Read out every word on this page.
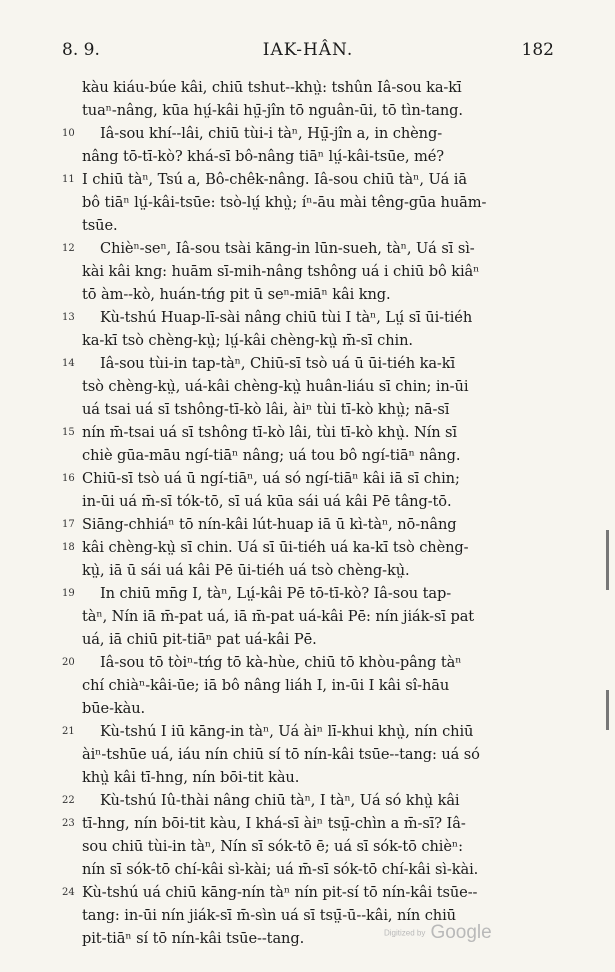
8. 9.	IAK-HÂN.	182
kàu kiáu-búe kâi, chiū tshut--khṳ̀: tshûn Iâ-sou ka-kī
tuaⁿ-nâng, kūa hṳ́-kâi hṳ̄-jîn tō nguân-ūi, tō tìn-tang.
10	Iâ-sou khí--lâi, chiū tùi-i tàⁿ, Hṳ̄-jîn a, in chèng-
nâng tō-tī-kò? khá-sī bô-nâng tiāⁿ lṳ́-kâi-tsūe, mé?
11 I chiū tàⁿ, Tsú a, Bô-chêk-nâng. Iâ-sou chiū tàⁿ, Uá iā
bô tiāⁿ lṳ́-kâi-tsūe: tsò-lṳ́ khṳ̀; íⁿ-āu mài têng-gūa huām-
tsūe.
12	Chièⁿ-seⁿ, Iâ-sou tsài kāng-in lūn-sueh, tàⁿ, Uá sī sì-
kài kâi kng: huām sī-mih-nâng tshông uá i chiū bô kiâⁿ
tō àm--kò, huán-tńg pit ū seⁿ-miāⁿ kâi kng.
13	Kù-tshú Huap-lī-sài nâng chiū tùi I tàⁿ, Lṳ́ sī ūi-tiéh
ka-kī tsò chèng-kṳ̀; lṳ́-kâi chèng-kṳ̀ m̄-sī chin.
14	Iâ-sou tùi-in tap-tàⁿ, Chiū-sī tsò uá ū ūi-tiéh ka-kī
tsò chèng-kṳ̀, uá-kâi chèng-kṳ̀ huân-liáu sī chin; in-ūi
uá tsai uá sī tshông-tī-kò lâi, àiⁿ tùi tī-kò khṳ̀; nā-sī
15 nín m̄-tsai uá sī tshông tī-kò lâi, tùi tī-kò khṳ̀. Nín sī
chiè gūa-māu ngí-tiāⁿ nâng; uá tou bô ngí-tiāⁿ nâng.
16 Chiū-sī tsò uá ū ngí-tiāⁿ, uá só ngí-tiāⁿ kâi iā sī chin;
in-ūi uá m̄-sī tók-tō, sī uá kūa sái uá kâi Pē tâng-tō.
17 Siāng-chhiáⁿ tō nín-kâi lút-huap iā ū kì-tàⁿ, nō-nâng
18 kâi chèng-kṳ̀ sī chin. Uá sī ūi-tiéh uá ka-kī tsò chèng-
kṳ̀, iā ū sái uá kâi Pē ūi-tiéh uá tsò chèng-kṳ̀.
19	In chiū mn̄g I, tàⁿ, Lṳ́-kâi Pē tō-tī-kò? Iâ-sou tap-
tàⁿ, Nín iā m̄-pat uá, iā m̄-pat uá-kâi Pē: nín jiák-sī pat
uá, iā chiū pit-tiāⁿ pat uá-kâi Pē.
20	Iâ-sou tō tòiⁿ-tńg tō kà-hùe, chiū tō khòu-pâng tàⁿ
chí chiàⁿ-kâi-ūe; iā bô nâng liáh I, in-ūi I kâi sî-hāu
būe-kàu.
21	Kù-tshú I iū kāng-in tàⁿ, Uá àiⁿ lī-khui khṳ̀, nín chiū
àiⁿ-tshūe uá, iáu nín chiū sí tō nín-kâi tsūe--tang: uá só
khṳ̀ kâi tī-hng, nín bōi-tit kàu.
22	Kù-tshú Iû-thài nâng chiū tàⁿ, I tàⁿ, Uá só khṳ̀ kâi
23 tī-hng, nín bōi-tit kàu, I khá-sī àiⁿ tsṳ̄-chìn a m̄-sī? Iâ-
sou chiū tùi-in tàⁿ, Nín sī sók-tō ē; uá sī sók-tō chièⁿ:
nín sī sók-tō chí-kâi sì-kài; uá m̄-sī sók-tō chí-kâi sì-kài.
24 Kù-tshú uá chiū kāng-nín tàⁿ nín pit-sí tō nín-kâi tsūe--
tang: in-ūi nín jiák-sī m̄-sìn uá sī tsṳ̄-ū--kâi, nín chiū
pit-tiāⁿ sí tō nín-kâi tsūe--tang.	Digitized by Google
